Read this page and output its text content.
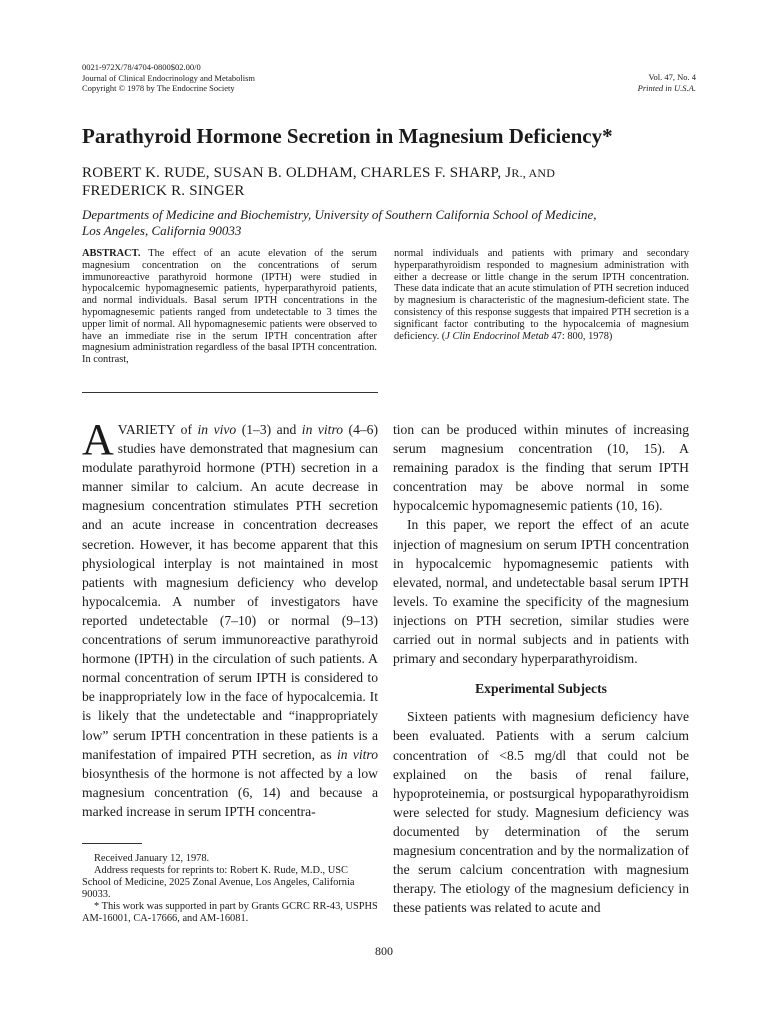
0021-972X/78/4704-0800$02.00/0
Journal of Clinical Endocrinology and Metabolism
Copyright © 1978 by The Endocrine Society
Vol. 47, No. 4
Printed in U.S.A.
Parathyroid Hormone Secretion in Magnesium Deficiency*
ROBERT K. RUDE, SUSAN B. OLDHAM, CHARLES F. SHARP, JR., AND
FREDERICK R. SINGER
Departments of Medicine and Biochemistry, University of Southern California School of Medicine,
Los Angeles, California 90033
ABSTRACT. The effect of an acute elevation of the serum magnesium concentration on the concentrations of serum immunoreactive parathyroid hormone (IPTH) were studied in hypocalcemic hypomagnesemic patients, hyperparathyroid patients, and normal individuals. Basal serum IPTH concentrations in the hypomagnesemic patients ranged from undetectable to 3 times the upper limit of normal. All hypomagnesemic patients were observed to have an immediate rise in the serum IPTH concentration after magnesium administration regardless of the basal IPTH concentration. In contrast,
normal individuals and patients with primary and secondary hyperparathyroidism responded to magnesium administration with either a decrease or little change in the serum IPTH concentration. These data indicate that an acute stimulation of PTH secretion induced by magnesium is characteristic of the magnesium-deficient state. The consistency of this response suggests that impaired PTH secretion is a significant factor contributing to the hypocalcemia of magnesium deficiency. (J Clin Endocrinol Metab 47: 800, 1978)

A VARIETY of in vivo (1–3) and in vitro (4–6) studies have demonstrated that magnesium can modulate parathyroid hormone (PTH) secretion in a manner similar to calcium. An acute decrease in magnesium concentration stimulates PTH secretion and an acute increase in concentration decreases secretion. However, it has become apparent that this physiological interplay is not maintained in most patients with magnesium deficiency who develop hypocalcemia. A number of investigators have reported undetectable (7–10) or normal (9–13) concentrations of serum immunoreactive parathyroid hormone (IPTH) in the circulation of such patients. A normal concentration of serum IPTH is considered to be inappropriately low in the face of hypocalcemia. It is likely that the undetectable and “inappropriately low” serum IPTH concentration in these patients is a manifestation of impaired PTH secretion, as in vitro biosynthesis of the hormone is not affected by a low magnesium concentration (6, 14) and because a marked increase in serum IPTH concentra-

tion can be produced within minutes of increasing serum magnesium concentration (10, 15). A remaining paradox is the finding that serum IPTH concentration may be above normal in some hypocalcemic hypomagnesemic patients (10, 16).

In this paper, we report the effect of an acute injection of magnesium on serum IPTH concentration in hypocalcemic hypomagnesemic patients with elevated, normal, and undetectable basal serum IPTH levels. To examine the specificity of the magnesium injections on PTH secretion, similar studies were carried out in normal subjects and in patients with primary and secondary hyperparathyroidism.

Experimental Subjects

Sixteen patients with magnesium deficiency have been evaluated. Patients with a serum calcium concentration of <8.5 mg/dl that could not be explained on the basis of renal failure, hypoproteinemia, or postsurgical hypoparathyroidism were selected for study. Magnesium deficiency was documented by determination of the serum magnesium concentration and by the normalization of the serum calcium concentration with magnesium therapy. The etiology of the magnesium deficiency in these patients was related to acute and

Received January 12, 1978.

Address requests for reprints to: Robert K. Rude, M.D., USC School of Medicine, 2025 Zonal Avenue, Los Angeles, California 90033.

* This work was supported in part by Grants GCRC RR-43, USPHS AM-16001, CA-17666, and AM-16081.

800
